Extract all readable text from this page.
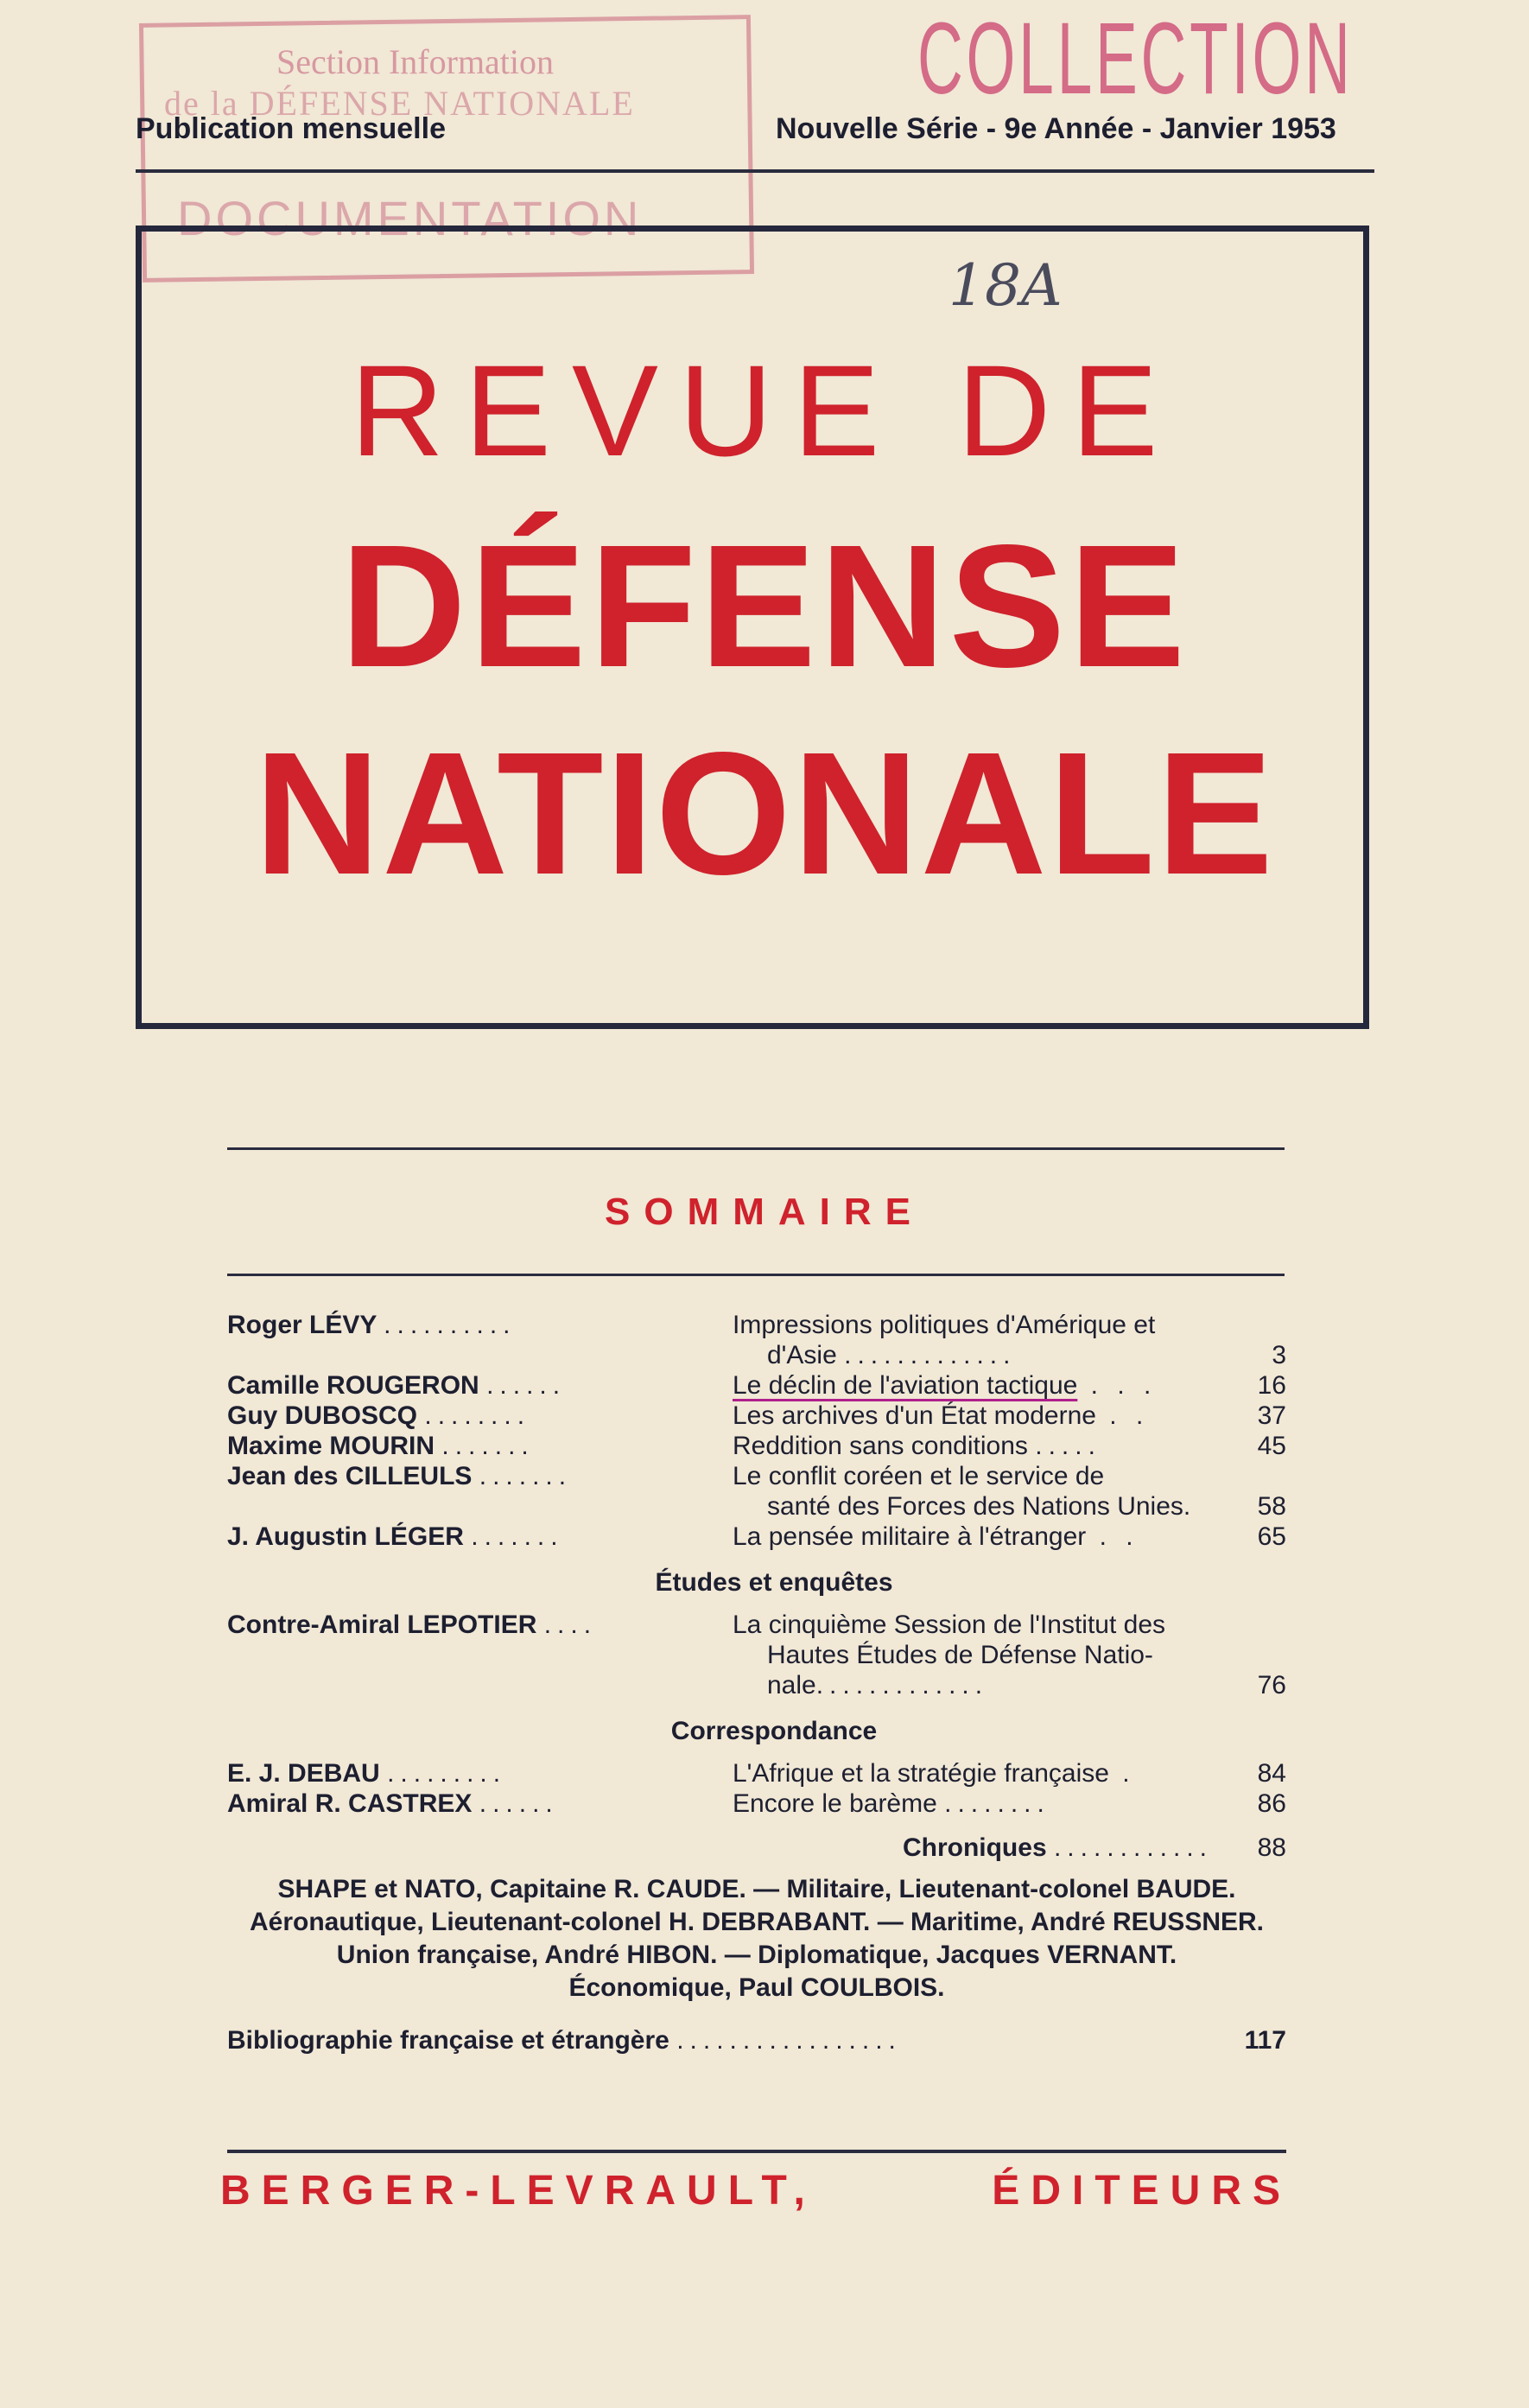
Section Information
de la DÉFENSE NATIONALE
DOCUMENTATION
COLLECTION
Publication mensuelle	Nouvelle Série - 9e Année - Janvier 1953
18A
REVUE DE
DÉFENSE
NATIONALE
SOMMAIRE
Roger LÉVY ..........	Impressions politiques d'Amérique et
d'Asie .............	3
Camille ROUGERON ......	Le déclin de l'aviation tactique . . .	16
Guy DUBOSCQ ........	Les archives d'un État moderne . .	37
Maxime MOURIN .......	Reddition sans conditions .....	45
Jean des CILLEULS .......	Le conflit coréen et le service de
santé des Forces des Nations Unies.	58
J. Augustin LÉGER .......	La pensée militaire à l'étranger . .	65
Études et enquêtes
Contre-Amiral LEPOTIER ....	La cinquième Session de l'Institut des
Hautes Études de Défense Natio-
nale.............	76
Correspondance
E. J. DEBAU .........	L'Afrique et la stratégie française .	84
Amiral R. CASTREX ......	Encore le barème ........	86
Chroniques ............	88
SHAPE et NATO, Capitaine R. CAUDE. — Militaire, Lieutenant-colonel BAUDE.
Aéronautique, Lieutenant-colonel H. DEBRABANT. — Maritime, André REUSSNER.
Union française, André HIBON. — Diplomatique, Jacques VERNANT.
Économique, Paul COULBOIS.
Bibliographie française et étrangère .................	117
BERGER-LEVRAULT,	ÉDITEURS
